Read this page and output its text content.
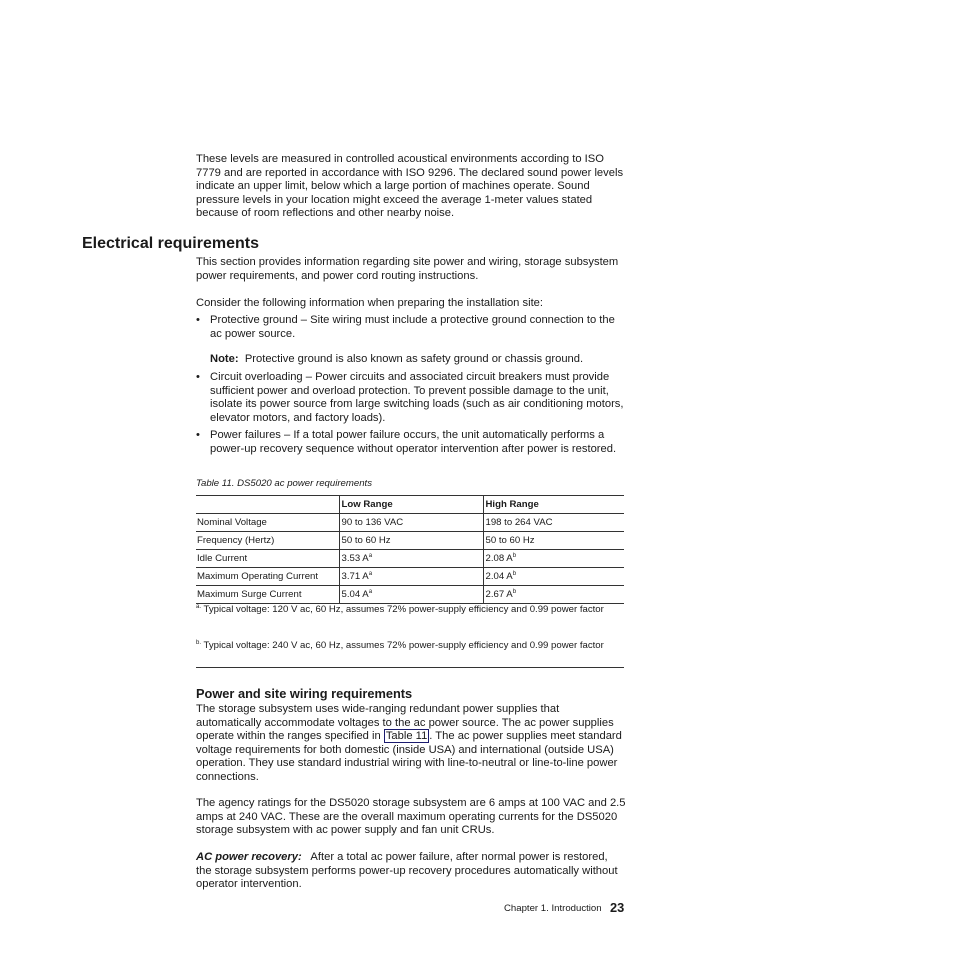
These levels are measured in controlled acoustical environments according to ISO 7779 and are reported in accordance with ISO 9296. The declared sound power levels indicate an upper limit, below which a large portion of machines operate. Sound pressure levels in your location might exceed the average 1-meter values stated because of room reflections and other nearby noise.

Electrical requirements

This section provides information regarding site power and wiring, storage subsystem power requirements, and power cord routing instructions.

Consider the following information when preparing the installation site:

• Protective ground – Site wiring must include a protective ground connection to the ac power source.

Note: Protective ground is also known as safety ground or chassis ground.

• Circuit overloading – Power circuits and associated circuit breakers must provide sufficient power and overload protection. To prevent possible damage to the unit, isolate its power source from large switching loads (such as air conditioning motors, elevator motors, and factory loads).
• Power failures – If a total power failure occurs, the unit automatically performs a power-up recovery sequence without operator intervention after power is restored.

Table 11. DS5020 ac power requirements

	Low Range	High Range
Nominal Voltage	90 to 136 VAC	198 to 264 VAC
Frequency (Hertz)	50 to 60 Hz	50 to 60 Hz
Idle Current	3.53 $A^a$	2.08 $A^b$
Maximum Operating Current	3.71 $A^a$	2.04 $A^b$
Maximum Surge Current	5.04 $A^a$	2.67 $A^b$

$^{a.}$ Typical voltage: 120 V ac, 60 Hz, assumes 72% power-supply efficiency and 0.99 power factor

$^{b.}$ Typical voltage: 240 V ac, 60 Hz, assumes 72% power-supply efficiency and 0.99 power factor

Power and site wiring requirements

The storage subsystem uses wide-ranging redundant power supplies that automatically accommodate voltages to the ac power source. The ac power supplies operate within the ranges specified in Table 11 . The ac power supplies meet standard voltage requirements for both domestic (inside USA) and international (outside USA) operation. They use standard industrial wiring with line-to-neutral or line-to-line power connections.

The agency ratings for the DS5020 storage subsystem are 6 amps at 100 VAC and 2.5 amps at 240 VAC. These are the overall maximum operating currents for the DS5020 storage subsystem with ac power supply and fan unit CRUs.

AC power recovery: After a total ac power failure, after normal power is restored, the storage subsystem performs power-up recovery procedures automatically without operator intervention.

Chapter 1. Introduction 23
